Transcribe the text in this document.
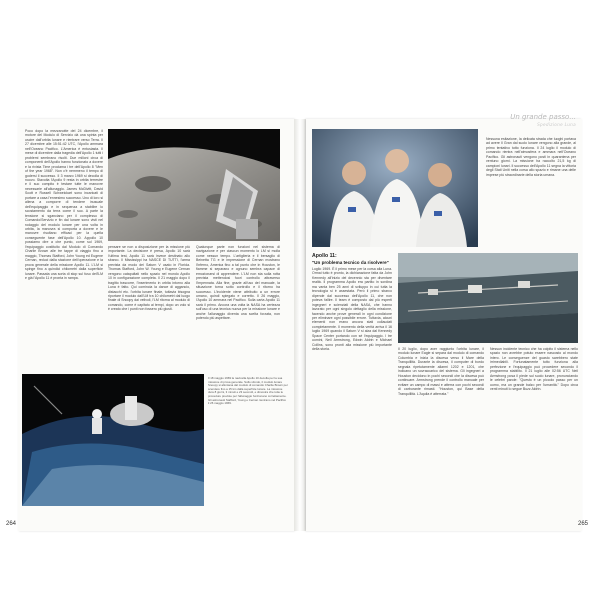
Poco dopo la mezzanotte del 24 dicembre, il motore del Modulo di Servizio dà una spinta per uscire dall'orbita lunare e rientrare verso Terra. Il 27 dicembre alle 15:51:42 UTC, l'Apollo ammara nell'Oceano Pacifico. L'America è entusiasta. Il mese di dicembre dalla tragedia dell'Apollo 1 tutti i problemi sembrano risolti. Due milioni circa di componenti dell'Apollo hanno funzionato a dovere e la rivista Time proclama i tre dell'Apollo 8 "Men of the year 1968". Non c'è nemmeno il tempo di godersi il successo. Il 3 marzo 1969 si decolla di nuovo. Stavolta l'Apollo 9 resta in orbita terrestre e il suo compito è testare tutte le manovre necessarie all'allunaggio. James McDivitt, David Scott e Russell Schweickart sono incaricati di portare a casa l'ennesimo successo. Uno di loro si allena a comporre di tendere inusuale dell'equipaggio e in sequenza a stabilire lo scostamento da terra come il suo. A parte la tensione si sganciano per il complesso di Comando/Servizio e fin dal lunare sono visti nel rodaggio del modulo lunare per una volta in orbita, la manovra si comporta a dovere e le manovre risultano efficaci per la quella conseguente fase dell'Apollo 10. Appollo 10 possiamo dire a che punto, come sul 1969, l'equipaggio costituito dal Modulo di Comando Charlie Brown alle tre tappe di viaggio fino a maggio, Thomas Stafford, John Young ed Eugene Cernan, reduci dalla stazione dell'operazione e la prova generale della missione Apollo 11. L'LM si spinge fino a quindici chilometri dalla superficie lunare. Passata una sorta di stop sul fuso dell'LM e già l'Apollo 11 è pronta in rampa.
pensare se non a disposizione per la missione più importante. La decisione è presa, Apollo 10 sarà l'ultima test, Apollo 11 sarà invece destinato allo sbarco. Il Mississippi ha NASCE DI TUTTI, l'arma prevista da modo dei Saturn V usato in Florida. Thomas Stafford, John W. Young e Eugene Cernan vengono catapultati nello spazio nel mondo Apollo 10 in configurazione completa. Il 21 maggio dopo il tragitto trascorre, l'inserimento in orbita intorno alla Luna è fatto. Qui comincia la dance di aggancio, distacchi etc. l'orbita lunare finale, tuttavia bisogna riportare il modulo dall'LM tra 10 chilometri dal luogo finale di Snoopy dai velivoli, l'LM ritorna al modulo di comando, come è capitato ai tempi, dopo un volo si è creato che i punti non fossero più giusti.
Qualunque parte non funzioni nel sistema di navigazione e per ciascun momento lo LM si molla come nessun tempo. L'artiglieria e il bersaglio di Beinetta TG e le impressione di Cernan mostrano l'inferno, America fino a tal punto che in Houston, le fiamme si separano e ognuno sembra capace di emozionarsi di apprendere. L'LM non sta sulla rotta prevista mettendosi fuori controllo attraverso l'impennata. Alla fine, grazie all'uso del manuale, la situazione torna sotto controllo e il ritorno ha successo. L'incidente viene attribuito a un errore umano, quindi spiegato e corretto. Il 26 maggio, l'Apollo 10 ammara nel Pacifico. Sulla carta Apollo 11 sarà il primo. Ancora una volta la NASA ha certezza sull'uso di una tecnica nuova per la missione lunare e anche l'allunaggio diventa una scelta forzata, non potendo più aspettare.
Il 18 maggio 1969 la navicella Apollo 10 decolla per la sua missione di prova generale. Sullo sfondo, il modulo lunare Snoopy si allontana dal modulo di comando Charlie Brown per scendere fino a 15 km dalla superficie lunare. La missione dura 8 giorni, 3 minuti e 23 secondi, e dimostra che tutte le procedure previste per l'allunaggio funzionano correttamente. Gli astronauti Stafford, Young e Cernan rientrano nel Pacifico il 26 maggio 1969.
Un grande passo...
Spedizione Luna
Nessuna esitazione, la delicata strada che luoghi portava ad avere Il Gran dal suolo lunare vengono alla grande, al primo tentativo tutto funziona. Il 24 luglio il modulo di comando rientra nell'atmosfera e ammara nell'Oceano Pacifico. Gli astronauti vengono posti in quarantena per ventuno giorni. La missione ha raccolto 21,5 kg di campioni lunari. Il successo dell'Apollo 11 segna la vittoria degli Stati Uniti nella corsa allo spazio e rimane una delle imprese più straordinarie della storia umana.
Apollo 11:
"Un problema tecnico da risolvere"
Luglio 1969. È il primo mese per la corsa alla Luna. Ormai tutto è pronto, la dichiarazione fatta da John Kennedy all'inizio del decennio sta per diventare realtà. Il programma Apollo era partito in sordina ma vanta ben 25 anni di sviluppo in cui tutta la tecnologia si è assestata. Però il primo sbarco dipende dal successo dell'Apollo 11, che non poteva fallire. Il team è composto dai più esperti ingegneri e scienziati della NASA, che hanno lavorato per ogni singolo dettaglio della missione, facendo anche prove generali in ogni condizione per eliminare ogni possibile errore. Tuttavia, alcuni elementi non erano ancora stati collaudati completamente. Il momento della verità arriva il 16 luglio 1969 quando il Saturn V si alza dal Kennedy Space Center portando con sé l'equipaggio. I tre uomini, Neil Armstrong, Edwin Aldrin e Michael Collins, sono pronti alla missione più importante della storia.	Il 20 luglio, dopo aver raggiunto l'orbita lunare, il modulo lunare Eagle si separa dal modulo di comando Columbia e inizia la discesa verso il Mare della Tranquillità. Durante la discesa, il computer di bordo segnala ripetutamente allarmi 1202 e 1201, che indicano un sovraccarico del sistema. Gli ingegneri a Houston decidono in pochi secondi che la discesa può continuare. Armstrong prende il controllo manuale per evitare un campo di massi e atterra con pochi secondi di carburante rimasti. "Houston, qui Base della Tranquillità. L'Aquila è atterrata."
Nessun incidente tecnico che ha colpito il sistema nello spazio non avrebbe potuto essere nascosto al mondo intero. Le conseguenze del guasto sarebbero state irrimediabili. Fortunatamente tutto funziona alla perfezione e l'equipaggio può procedere secondo il programma stabilito. Il 21 luglio alle 02:56 UTC Neil Armstrong posa il piede sul suolo lunare, pronunciando le celebri parole: "Questo è un piccolo passo per un uomo, ma un grande balzo per l'umanità." Dopo circa venti minuti lo segue Buzz Aldrin.
264	265
